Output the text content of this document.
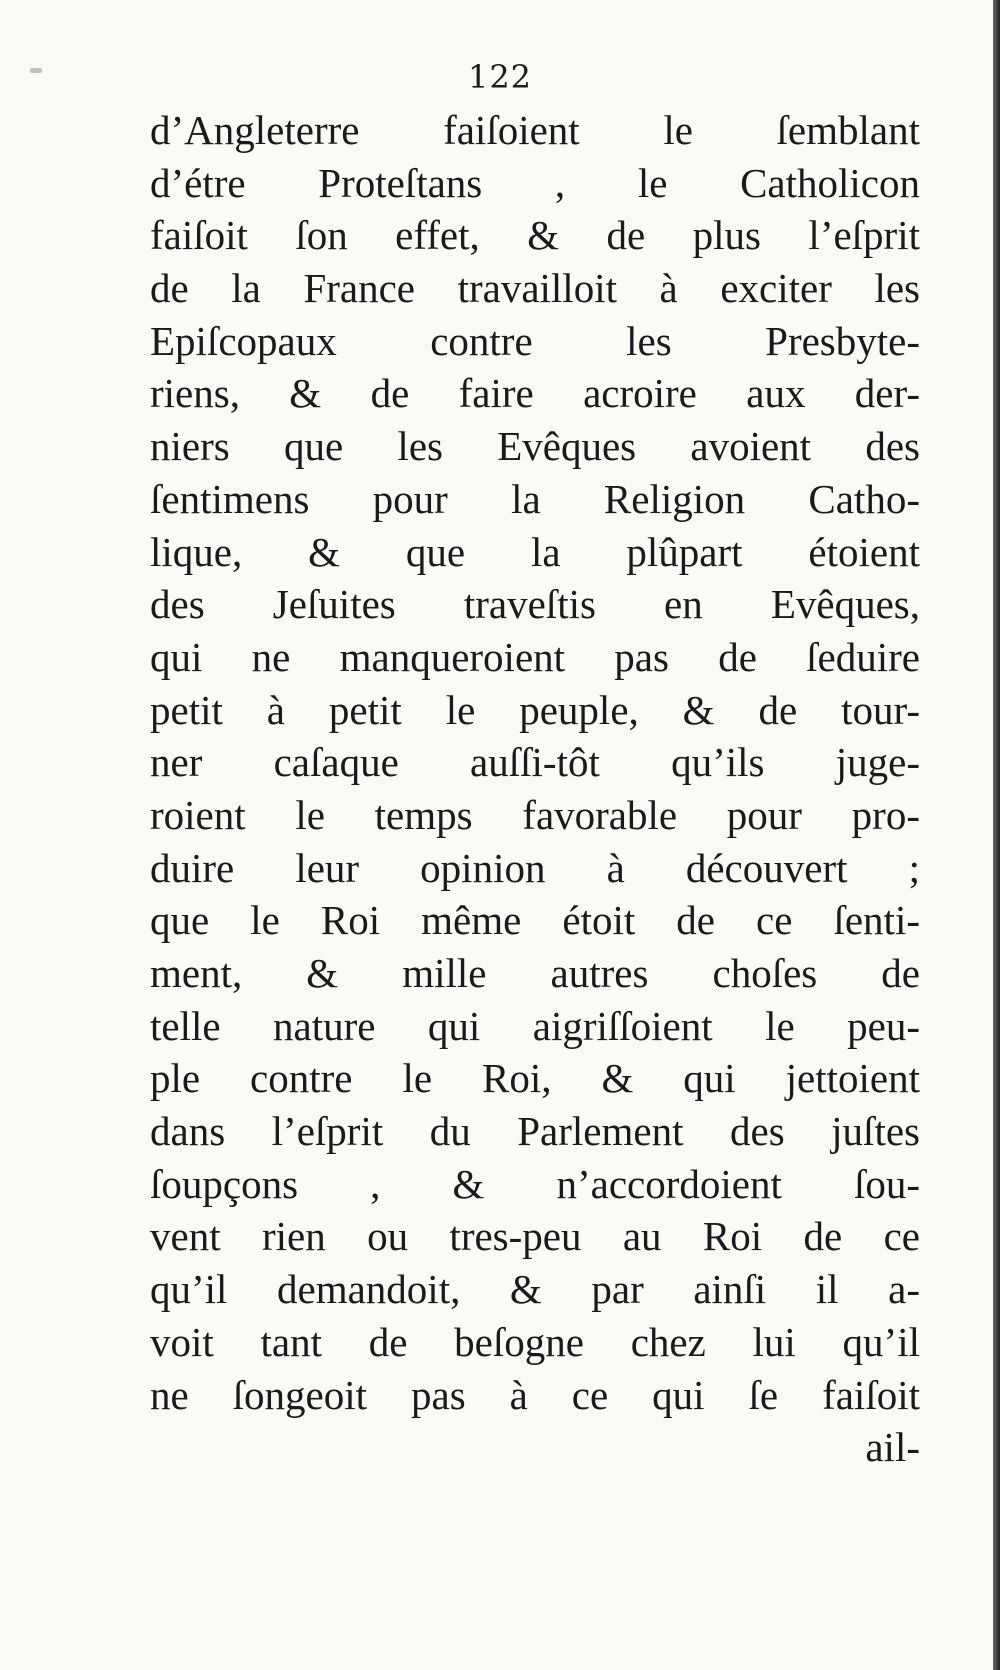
122
d’Angleterre faiſoient le ſemblant
d’étre Proteſtans , le Catholicon
faiſoit ſon effet, & de plus l’eſprit
de la France travailloit à exciter les
Epiſcopaux contre les Presbyte-
riens, & de faire acroire aux der-
niers que les Evêques avoient des
ſentimens pour la Religion Catho-
lique, & que la plûpart étoient
des Jeſuites traveſtis en Evêques,
qui ne manqueroient pas de ſeduire
petit à petit le peuple, & de tour-
ner caſaque auſſi-tôt qu’ils juge-
roient le temps favorable pour pro-
duire leur opinion à découvert ;
que le Roi même étoit de ce ſenti-
ment, & mille autres choſes de
telle nature qui aigriſſoient le peu-
ple contre le Roi, & qui jettoient
dans l’eſprit du Parlement des juſtes
ſoupçons , & n’accordoient ſou-
vent rien ou tres-peu au Roi de ce
qu’il demandoit, & par ainſi il a-
voit tant de beſogne chez lui qu’il
ne ſongeoit pas à ce qui ſe faiſoit
ail-
